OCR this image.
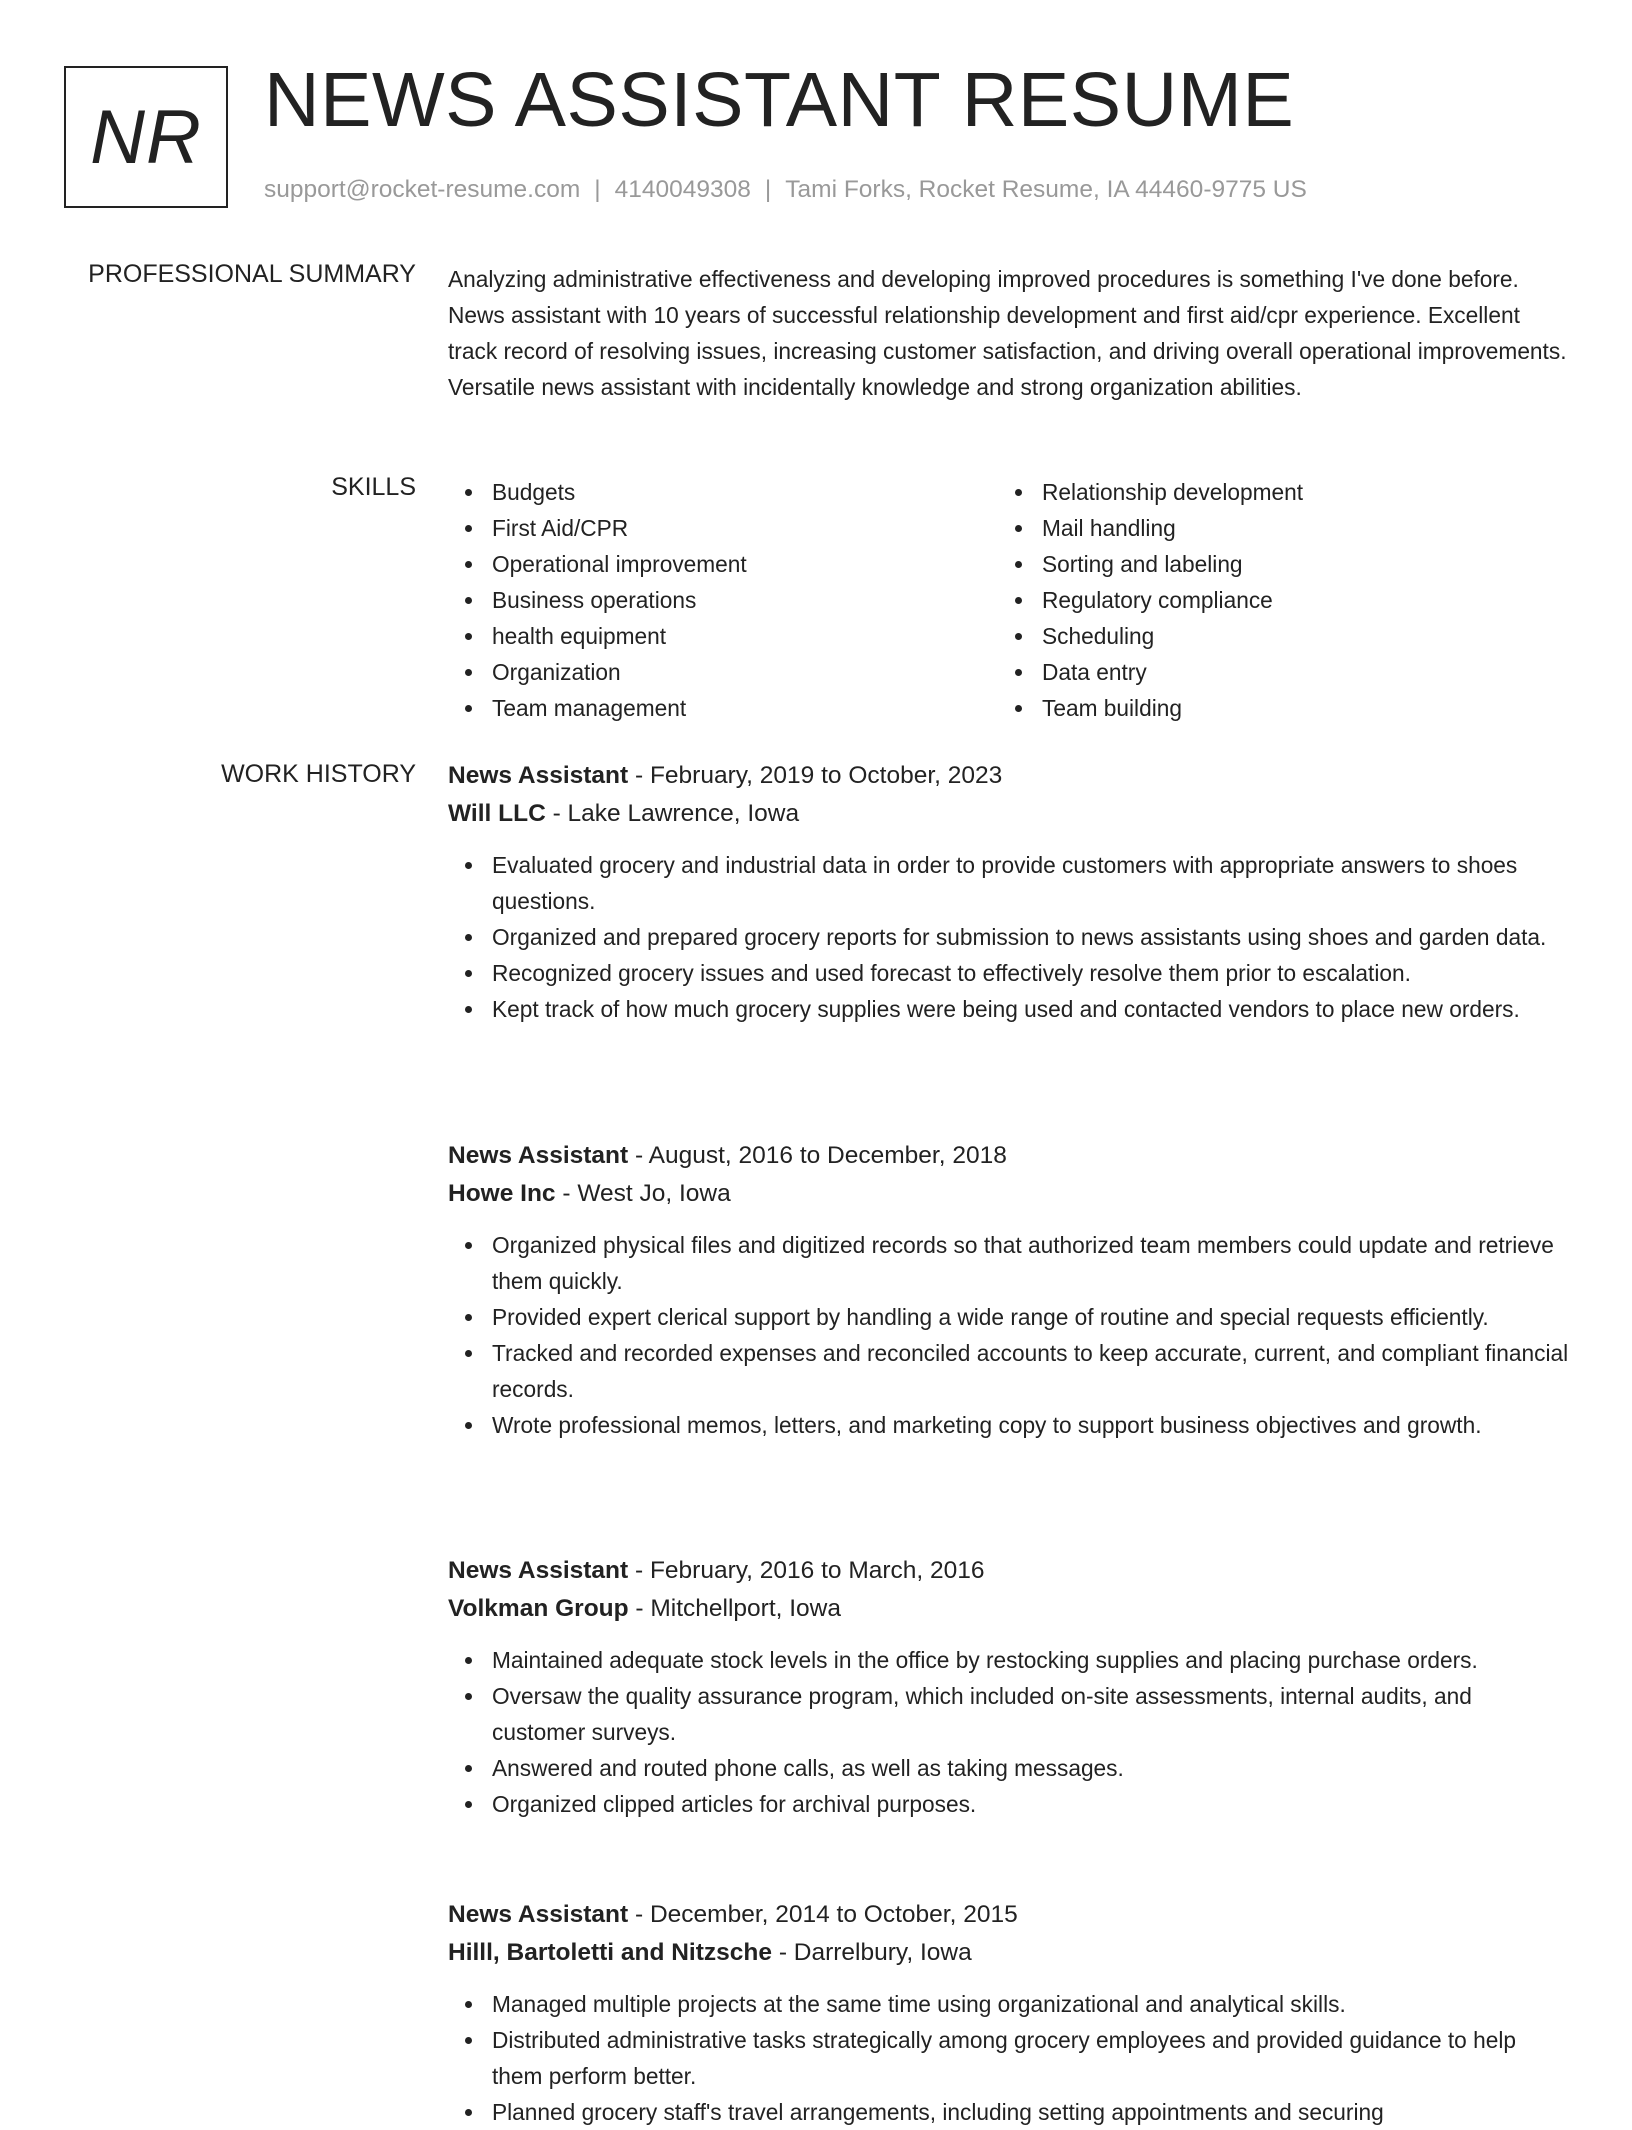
NR NEWS ASSISTANT RESUME
support@rocket-resume.com | 4140049308 | Tami Forks, Rocket Resume, IA 44460-9775 US
PROFESSIONAL SUMMARY Analyzing administrative effectiveness and developing improved procedures is something I've done before. News assistant with 10 years of successful relationship development and first aid/cpr experience. Excellent track record of resolving issues, increasing customer satisfaction, and driving overall operational improvements. Versatile news assistant with incidentally knowledge and strong organization abilities.
SKILLS	Budgets
First Aid/CPR
Operational improvement
Business operations
health equipment
Organization
Team management
Relationship development
Mail handling
Sorting and labeling
Regulatory compliance
Scheduling
Data entry
Team building
WORK HISTORY News Assistant - February, 2019 to October, 2023
Will LLC - Lake Lawrence, Iowa
Evaluated grocery and industrial data in order to provide customers with appropriate answers to shoes questions.
Organized and prepared grocery reports for submission to news assistants using shoes and garden data.
Recognized grocery issues and used forecast to effectively resolve them prior to escalation.
Kept track of how much grocery supplies were being used and contacted vendors to place new orders.
News Assistant - August, 2016 to December, 2018
Howe Inc - West Jo, Iowa
Organized physical files and digitized records so that authorized team members could update and retrieve them quickly.
Provided expert clerical support by handling a wide range of routine and special requests efficiently.
Tracked and recorded expenses and reconciled accounts to keep accurate, current, and compliant financial records.
Wrote professional memos, letters, and marketing copy to support business objectives and growth.
News Assistant - February, 2016 to March, 2016
Volkman Group - Mitchellport, Iowa
Maintained adequate stock levels in the office by restocking supplies and placing purchase orders.
Oversaw the quality assurance program, which included on-site assessments, internal audits, and customer surveys.
Answered and routed phone calls, as well as taking messages.
Organized clipped articles for archival purposes.
News Assistant - December, 2014 to October, 2015
Hilll, Bartoletti and Nitzsche - Darrelbury, Iowa
Managed multiple projects at the same time using organizational and analytical skills.
Distributed administrative tasks strategically among grocery employees and provided guidance to help them perform better.
Planned grocery staff's travel arrangements, including setting appointments and securing
